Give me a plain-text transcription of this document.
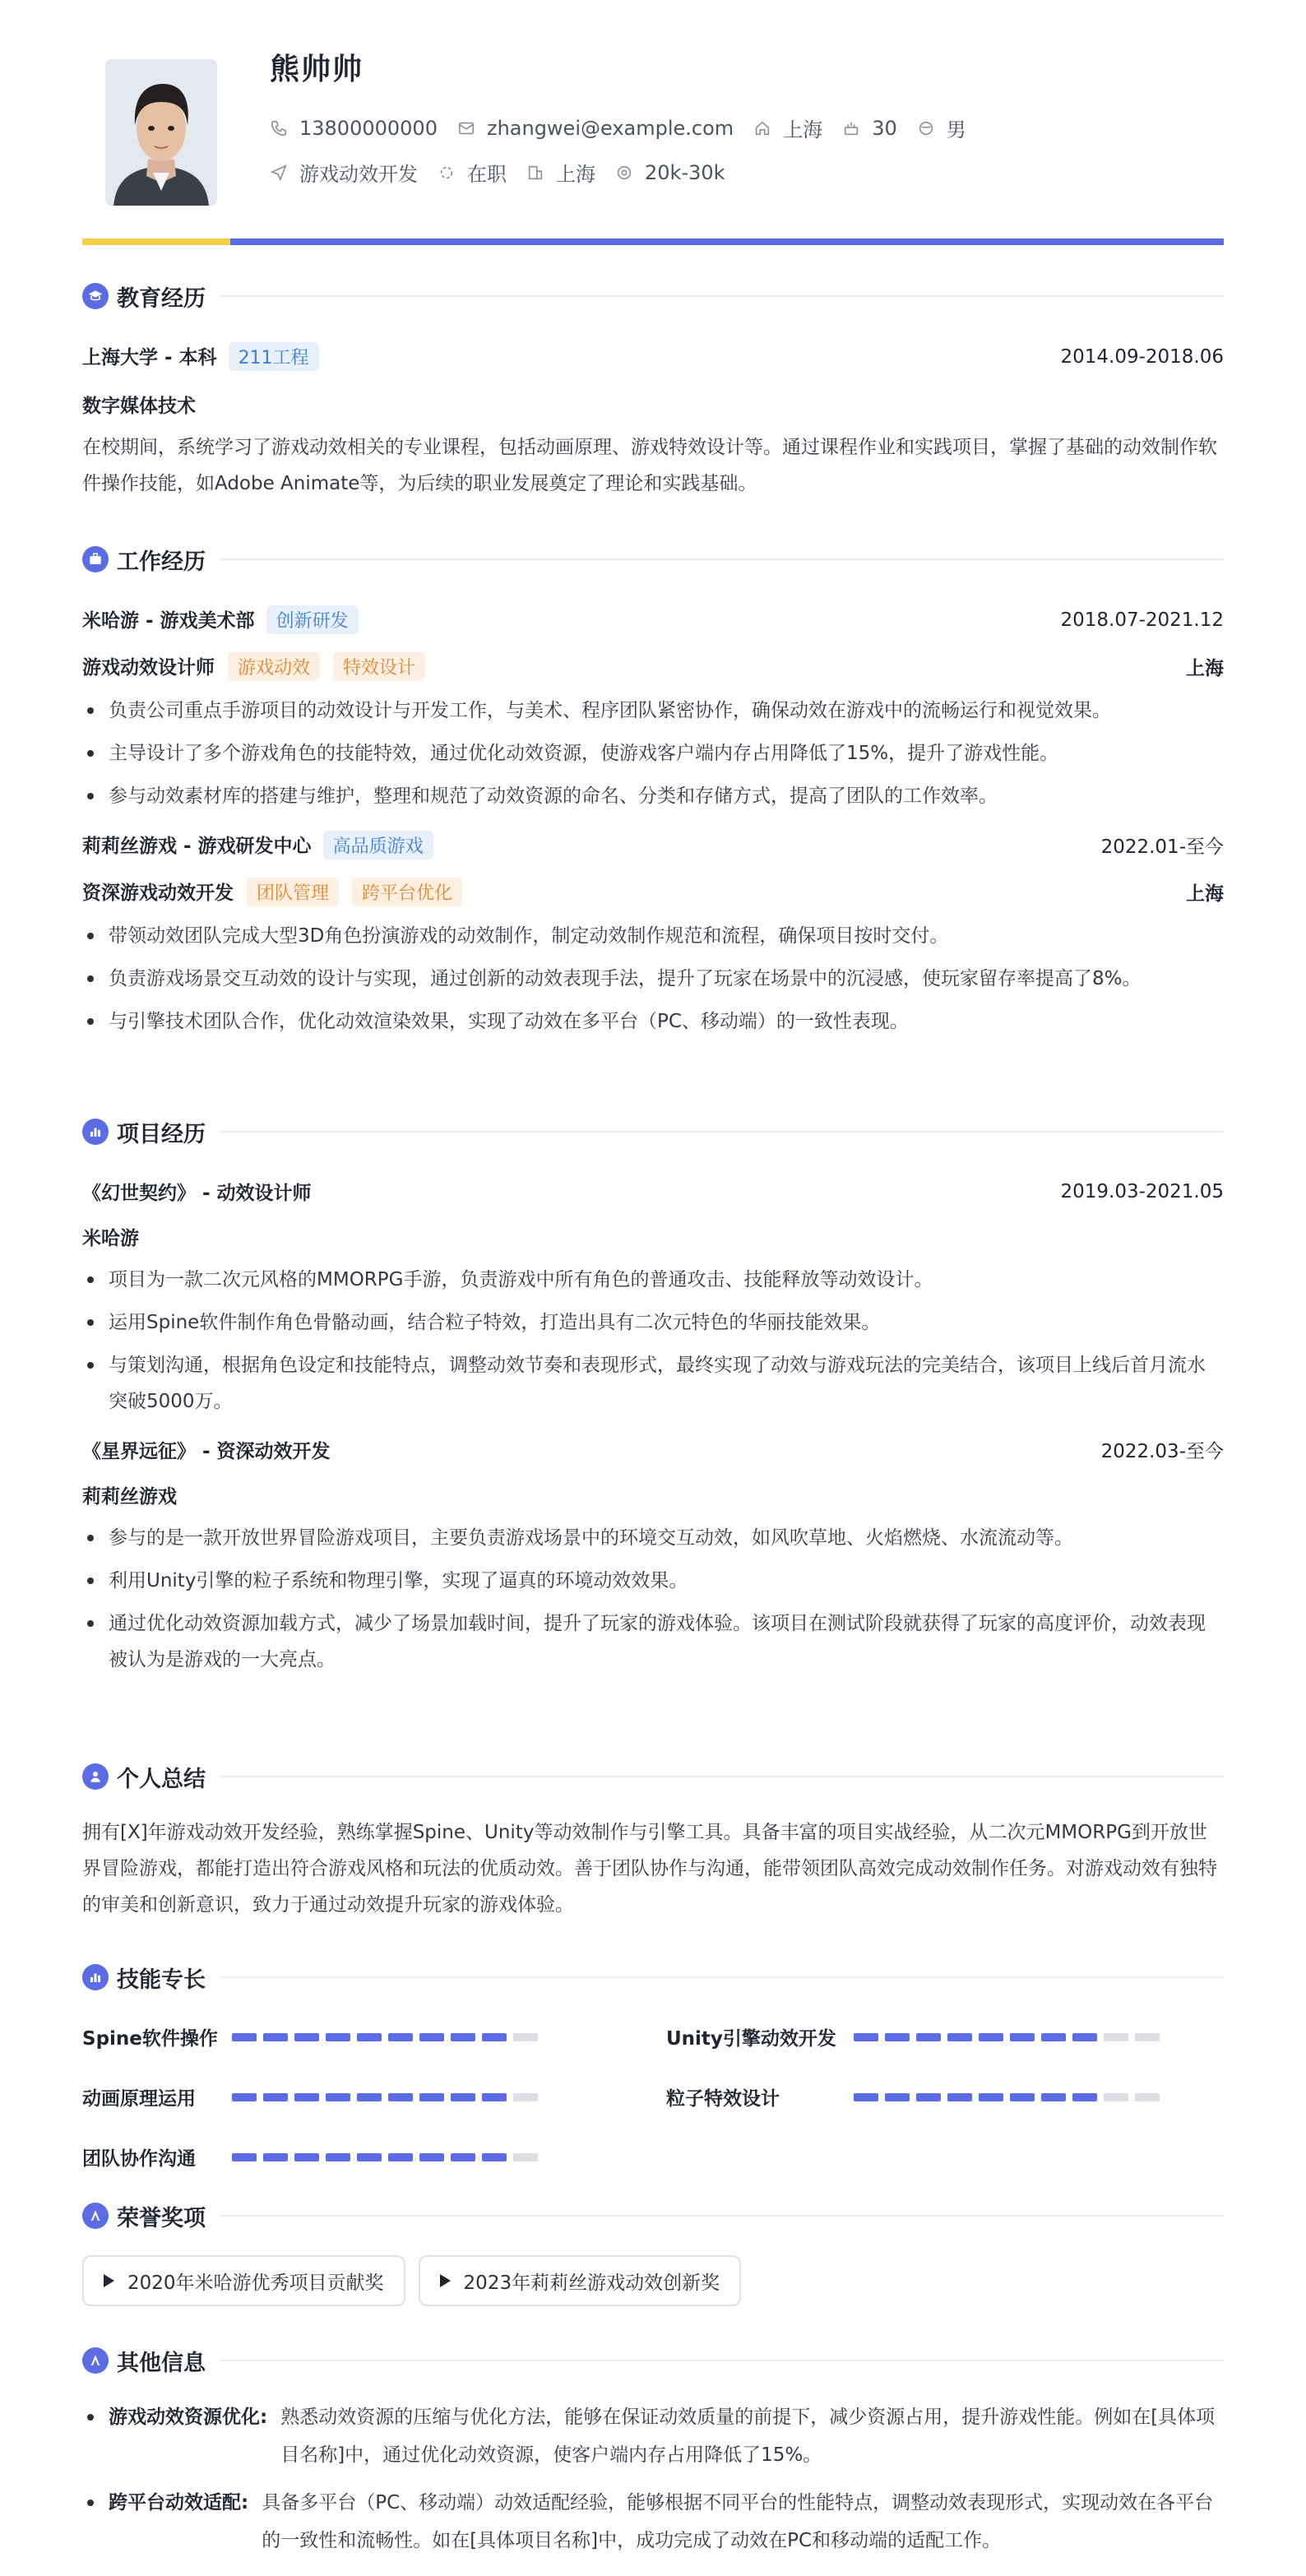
熊帅帅
13800000000	zhangwei@example.com	上海	30	男
游戏动效开发	在职	上海	20k-30k
教育经历
上海大学 - 本科 211工程	2014.09-2018.06
数字媒体技术
在校期间，系统学习了游戏动效相关的专业课程，包括动画原理、游戏特效设计等。通过课程作业和实践项目，掌握了基础的动效制作软件操作技能，如Adobe Animate等，为后续的职业发展奠定了理论和实践基础。
工作经历
米哈游 - 游戏美术部 创新研发	2018.07-2021.12
游戏动效设计师 游戏动效 特效设计	上海
负责公司重点手游项目的动效设计与开发工作，与美术、程序团队紧密协作，确保动效在游戏中的流畅运行和视觉效果。
主导设计了多个游戏角色的技能特效，通过优化动效资源，使游戏客户端内存占用降低了15%，提升了游戏性能。
参与动效素材库的搭建与维护，整理和规范了动效资源的命名、分类和存储方式，提高了团队的工作效率。
莉莉丝游戏 - 游戏研发中心 高品质游戏	2022.01-至今
资深游戏动效开发 团队管理 跨平台优化	上海
带领动效团队完成大型3D角色扮演游戏的动效制作，制定动效制作规范和流程，确保项目按时交付。
负责游戏场景交互动效的设计与实现，通过创新的动效表现手法，提升了玩家在场景中的沉浸感，使玩家留存率提高了8%。
与引擎技术团队合作，优化动效渲染效果，实现了动效在多平台（PC、移动端）的一致性表现。
项目经历
《幻世契约》 - 动效设计师	2019.03-2021.05
米哈游
项目为一款二次元风格的MMORPG手游，负责游戏中所有角色的普通攻击、技能释放等动效设计。
运用Spine软件制作角色骨骼动画，结合粒子特效，打造出具有二次元特色的华丽技能效果。
与策划沟通，根据角色设定和技能特点，调整动效节奏和表现形式，最终实现了动效与游戏玩法的完美结合，该项目上线后首月流水突破5000万。
《星界远征》 - 资深动效开发	2022.03-至今
莉莉丝游戏
参与的是一款开放世界冒险游戏项目，主要负责游戏场景中的环境交互动效，如风吹草地、火焰燃烧、水流流动等。
利用Unity引擎的粒子系统和物理引擎，实现了逼真的环境动效效果。
通过优化动效资源加载方式，减少了场景加载时间，提升了玩家的游戏体验。该项目在测试阶段就获得了玩家的高度评价，动效表现被认为是游戏的一大亮点。
个人总结
拥有[X]年游戏动效开发经验，熟练掌握Spine、Unity等动效制作与引擎工具。具备丰富的项目实战经验，从二次元MMORPG到开放世界冒险游戏，都能打造出符合游戏风格和玩法的优质动效。善于团队协作与沟通，能带领团队高效完成动效制作任务。对游戏动效有独特的审美和创新意识，致力于通过动效提升玩家的游戏体验。
技能专长
Spine软件操作	Unity引擎动效开发
动画原理运用	粒子特效设计
团队协作沟通
荣誉奖项
2020年米哈游优秀项目贡献奖	2023年莉莉丝游戏动效创新奖
其他信息
游戏动效资源优化: 熟悉动效资源的压缩与优化方法，能够在保证动效质量的前提下，减少资源占用，提升游戏性能。例如在[具体项目名称]中，通过优化动效资源，使客户端内存占用降低了15%。
跨平台动效适配: 具备多平台（PC、移动端）动效适配经验，能够根据不同平台的性能特点，调整动效表现形式，实现动效在各平台的一致性和流畅性。如在[具体项目名称]中，成功完成了动效在PC和移动端的适配工作。
